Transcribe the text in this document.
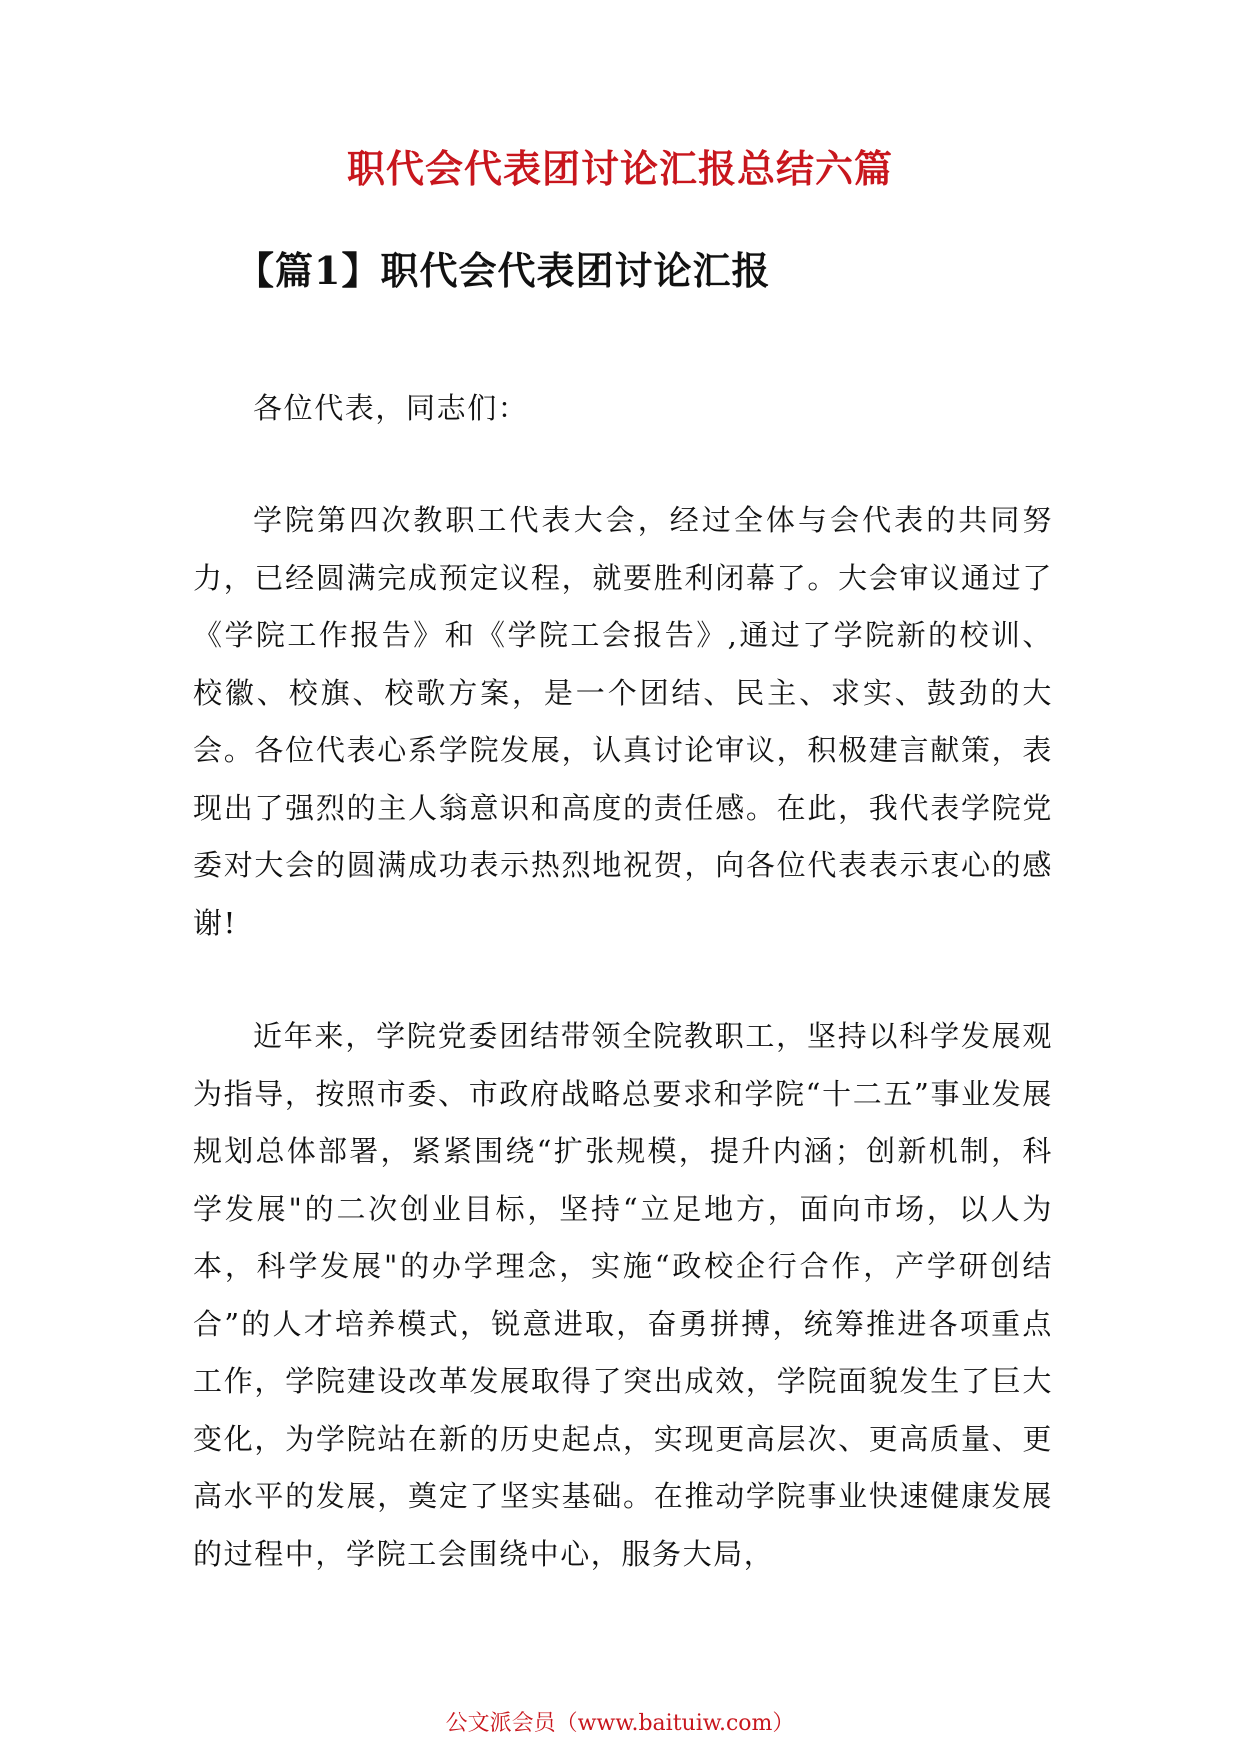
职代会代表团讨论汇报总结六篇
【篇1】职代会代表团讨论汇报

各位代表，同志们：

学院第四次教职工代表大会，经过全体与会代表的共同努力，已经圆满完成预定议程，就要胜利闭幕了。大会审议通过了《学院工作报告》和《学院工会报告》,通过了学院新的校训、校徽、校旗、校歌方案，是一个团结、民主、求实、鼓劲的大会。各位代表心系学院发展，认真讨论审议，积极建言献策，表现出了强烈的主人翁意识和高度的责任感。在此，我代表学院党委对大会的圆满成功表示热烈地祝贺，向各位代表表示衷心的感谢!

近年来，学院党委团结带领全院教职工，坚持以科学发展观为指导，按照市委、市政府战略总要求和学院“十二五”事业发展规划总体部署，紧紧围绕“扩张规模，提升内涵；创新机制，科学发展"的二次创业目标，坚持“立足地方，面向市场，以人为本，科学发展"的办学理念，实施“政校企行合作，产学研创结合”的人才培养模式，锐意进取，奋勇拼搏，统筹推进各项重点工作，学院建设改革发展取得了突出成效，学院面貌发生了巨大变化，为学院站在新的历史起点，实现更高层次、更高质量、更高水平的发展，奠定了坚实基础。在推动学院事业快速健康发展的过程中，学院工会围绕中心，服务大局，

公文派会员（www.baituiw.com）
